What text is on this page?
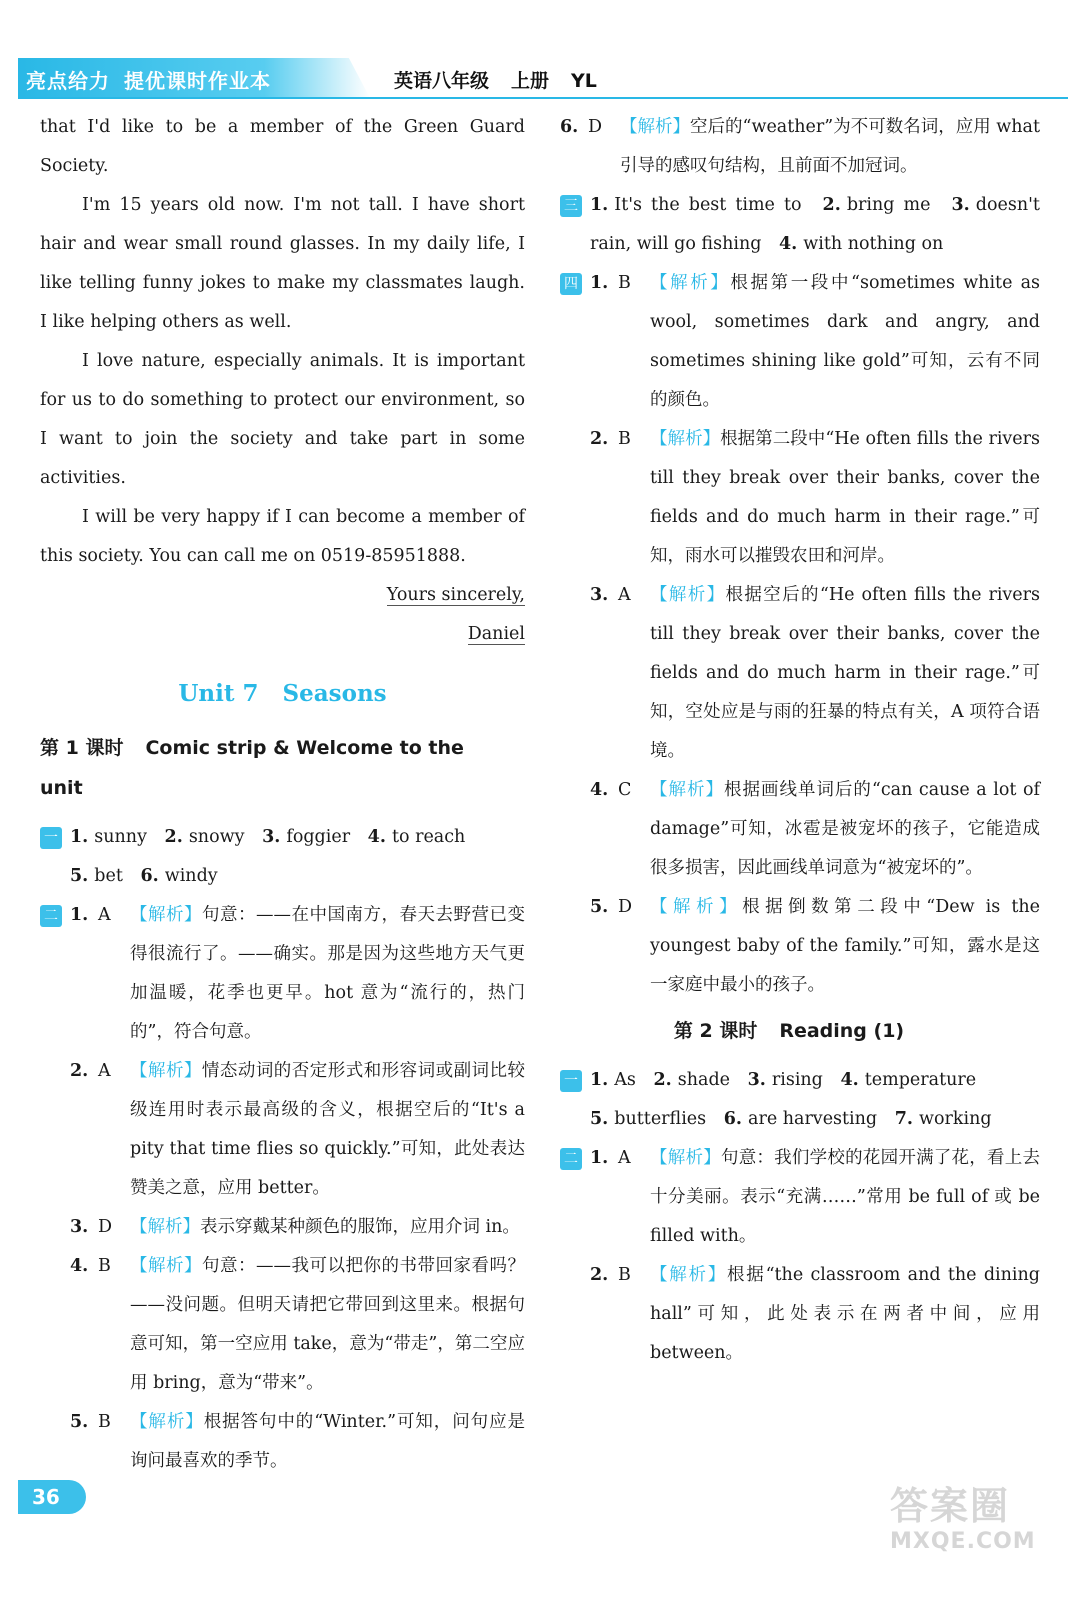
亮点给力 提优课时作业本	英语八年级 上册 YL
that I'd like to be a member of the Green Guard Society.
I'm 15 years old now. I'm not tall. I have short hair and wear small round glasses. In my daily life, I like telling funny jokes to make my classmates laugh. I like helping others as well.
I love nature, especially animals. It is important for us to do something to protect our environment, so I want to join the society and take part in some activities.
I will be very happy if I can become a member of this society. You can call me on 0519-85951888.
Yours sincerely,
Daniel
Unit 7 Seasons
第 1 课时 Comic strip & Welcome to the unit
一 1. sunny 2. snowy 3. foggier 4. to reach
5. bet 6. windy
二 1. A 【解析】句意：——在中国南方，春天去野营已变得很流行了。——确实。那是因为这些地方天气更加温暖，花季也更早。hot 意为“流行的，热门的”，符合句意。
2. A 【解析】情态动词的否定形式和形容词或副词比较级连用时表示最高级的含义，根据空后的“It's a pity that time flies so quickly.”可知，此处表达赞美之意，应用 better。
3. D 【解析】表示穿戴某种颜色的服饰，应用介词 in。
4. B 【解析】句意：——我可以把你的书带回家看吗？——没问题。但明天请把它带回到这里来。根据句意可知，第一空应用 take，意为“带走”，第二空应用 bring，意为“带来”。
5. B 【解析】根据答句中的“Winter.”可知，问句应是询问最喜欢的季节。
6. D 【解析】空后的“weather”为不可数名词，应用 what 引导的感叹句结构，且前面不加冠词。
三 1. It's the best time to 2. bring me 3. doesn't rain, will go fishing 4. with nothing on
四 1. B 【解析】根据第一段中“sometimes white as wool, sometimes dark and angry, and sometimes shining like gold”可知，云有不同的颜色。
2. B 【解析】根据第二段中“He often fills the rivers till they break over their banks, cover the fields and do much harm in their rage.”可知，雨水可以摧毁农田和河岸。
3. A 【解析】根据空后的“He often fills the rivers till they break over their banks, cover the fields and do much harm in their rage.”可知，空处应是与雨的狂暴的特点有关，A 项符合语境。
4. C 【解析】根据画线单词后的“can cause a lot of damage”可知，冰雹是被宠坏的孩子，它能造成很多损害，因此画线单词意为“被宠坏的”。
5. D 【解析】根据倒数第二段中“Dew is the youngest baby of the family.”可知，露水是这一家庭中最小的孩子。
第 2 课时 Reading (1)
一 1. As 2. shade 3. rising 4. temperature
5. butterflies 6. are harvesting 7. working
二 1. A 【解析】句意：我们学校的花园开满了花，看上去十分美丽。表示“充满……”常用 be full of 或 be filled with。
2. B 【解析】根据“the classroom and the dining hall”可知，此处表示在两者中间，应用 between。
36	答案圈
MXQE.COM
